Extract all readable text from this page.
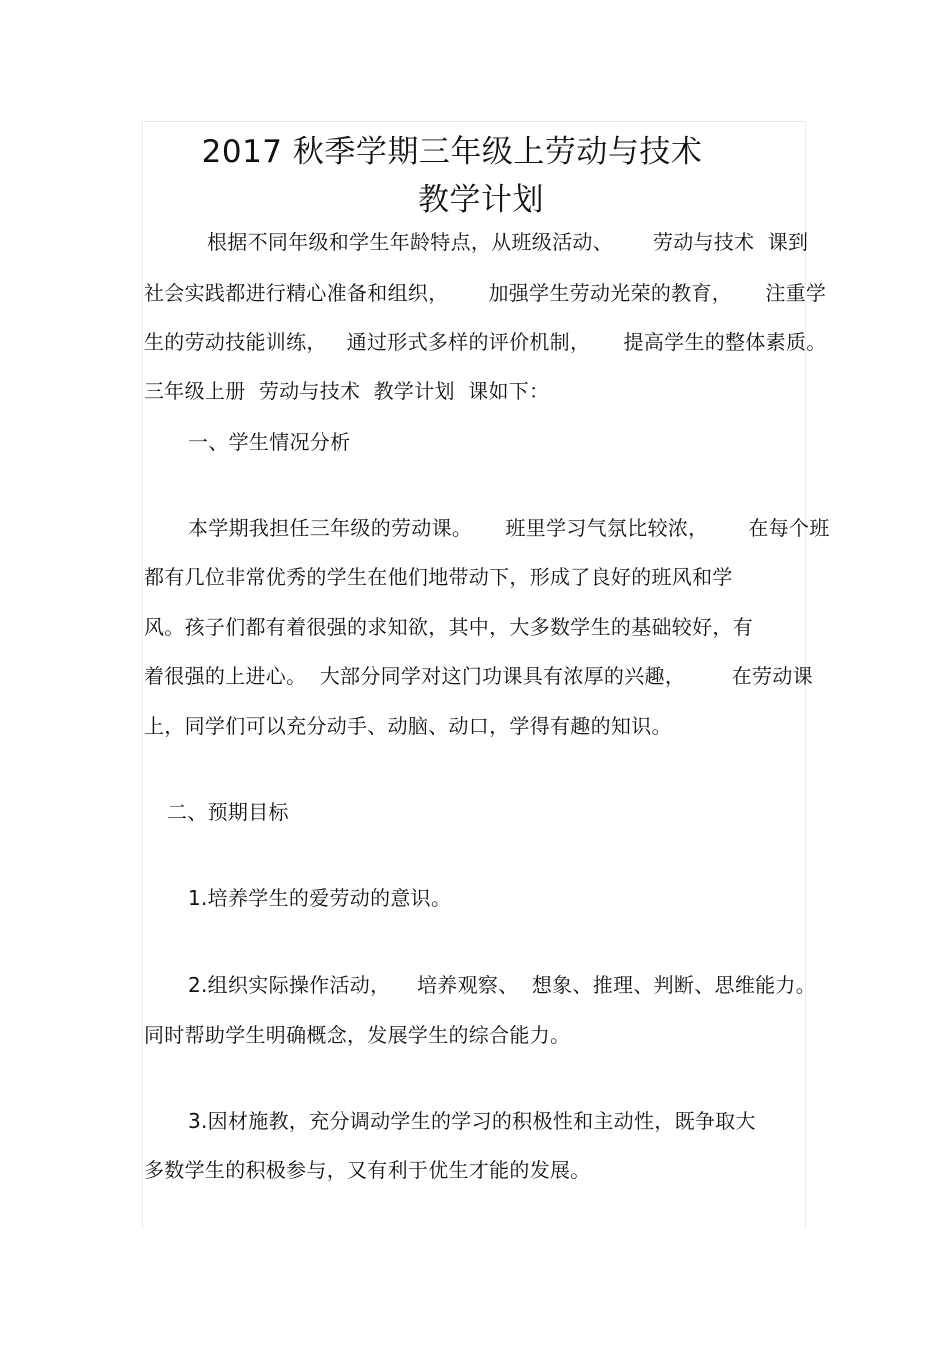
2017 秋季学期三年级上劳动与技术
教学计划
根据不同年级和学生年龄特点，从班级活动、      劳动与技术  课到
社会实践都进行精心准备和组织，      加强学生劳动光荣的教育，     注重学
生的劳动技能训练，   通过形式多样的评价机制，     提高学生的整体素质。
三年级上册  劳动与技术  教学计划  课如下：
一、学生情况分析
本学期我担任三年级的劳动课。     班里学习气氛比较浓，      在每个班
都有几位非常优秀的学生在他们地带动下，形成了良好的班风和学
风。孩子们都有着很强的求知欲，其中，大多数学生的基础较好，有
着很强的上进心。  大部分同学对这门功课具有浓厚的兴趣，       在劳动课
上，同学们可以充分动手、动脑、动口，学得有趣的知识。
二、预期目标
1.培养学生的爱劳动的意识。
2.组织实际操作活动，    培养观察、  想象、推理、判断、思维能力。
同时帮助学生明确概念，发展学生的综合能力。
3.因材施教，充分调动学生的学习的积极性和主动性，既争取大
多数学生的积极参与，又有利于优生才能的发展。
